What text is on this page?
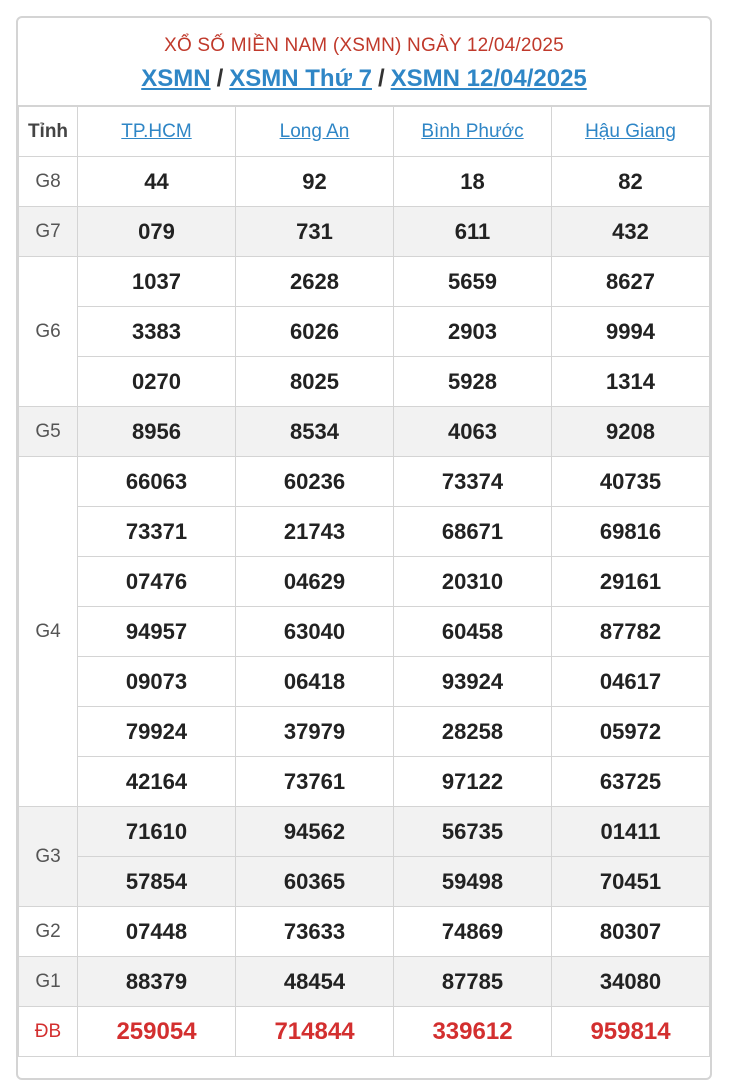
XỔ SỐ MIỀN NAM (XSMN) NGÀY 12/04/2025
XSMN / XSMN Thứ 7 / XSMN 12/04/2025
Tỉnh	TP.HCM	Long An	Bình Phước	Hậu Giang
G8	44	92	18	82
G7	079	731	611	432
G6	1037	2628	5659	8627
	3383	6026	2903	9994
	0270	8025	5928	1314
G5	8956	8534	4063	9208
G4	66063	60236	73374	40735
	73371	21743	68671	69816
	07476	04629	20310	29161
	94957	63040	60458	87782
	09073	06418	93924	04617
	79924	37979	28258	05972
	42164	73761	97122	63725
G3	71610	94562	56735	01411
	57854	60365	59498	70451
G2	07448	73633	74869	80307
G1	88379	48454	87785	34080
ĐB	259054	714844	339612	959814
